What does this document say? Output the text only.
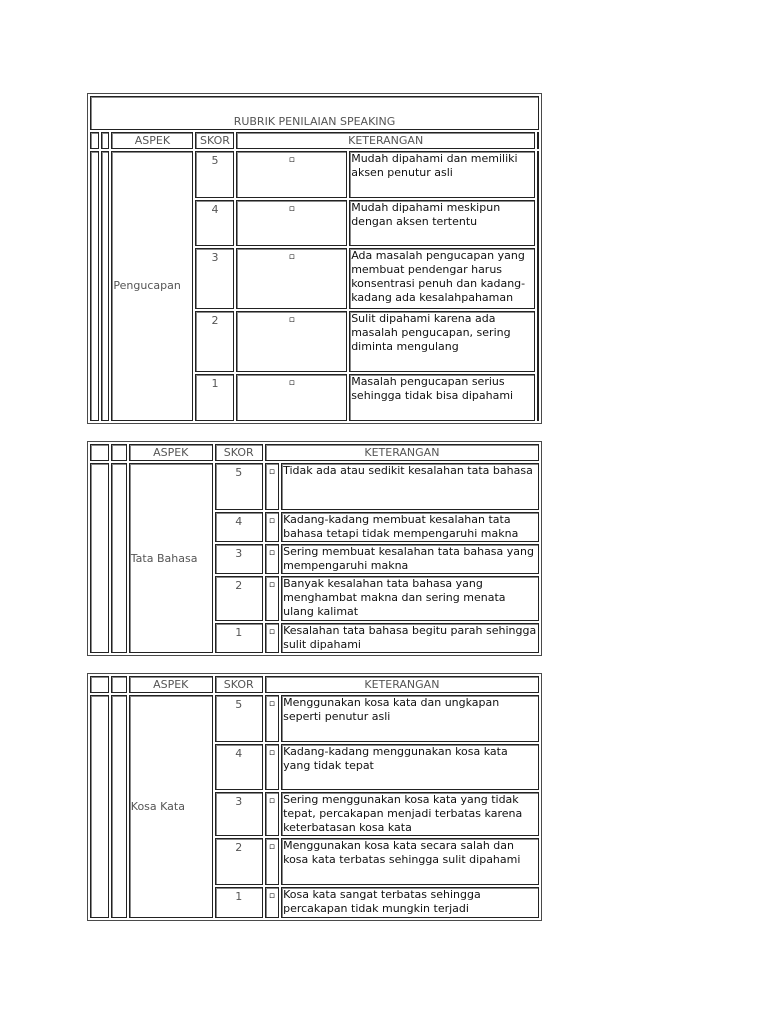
RUBRIK PENILAIAN SPEAKING						
		ASPEK	SKOR	KETERANGAN		
		Pengucapan	5	▫	Mudah dipahami dan memiliki aksen penutur asli	
			4	▫	Mudah dipahami meskipun dengan aksen tertentu	
			3	▫	Ada masalah pengucapan yang membuat pendengar harus konsentrasi penuh dan kadang-kadang ada kesalahpahaman	
			2	▫	Sulit dipahami karena ada masalah pengucapan, sering diminta mengulang	
			1	▫	Masalah pengucapan serius sehingga tidak bisa dipahami	
		ASPEK	SKOR	KETERANGAN	
		Tata Bahasa	5	▫	Tidak ada atau sedikit kesalahan tata bahasa
			4	▫	Kadang-kadang membuat kesalahan tata bahasa tetapi tidak mempengaruhi makna
			3	▫	Sering membuat kesalahan tata bahasa yang mempengaruhi makna
			2	▫	Banyak kesalahan tata bahasa yang menghambat makna dan sering menata ulang kalimat
			1	▫	Kesalahan tata bahasa begitu parah sehingga sulit dipahami
		ASPEK	SKOR	KETERANGAN	
		Kosa Kata	5	▫	Menggunakan kosa kata dan ungkapan seperti penutur asli
			4	▫	Kadang-kadang menggunakan kosa kata yang tidak tepat
			3	▫	Sering menggunakan kosa kata yang tidak tepat, percakapan menjadi terbatas karena keterbatasan kosa kata
			2	▫	Menggunakan kosa kata secara salah dan kosa kata terbatas sehingga sulit dipahami
			1	▫	Kosa kata sangat terbatas sehingga percakapan tidak mungkin terjadi
